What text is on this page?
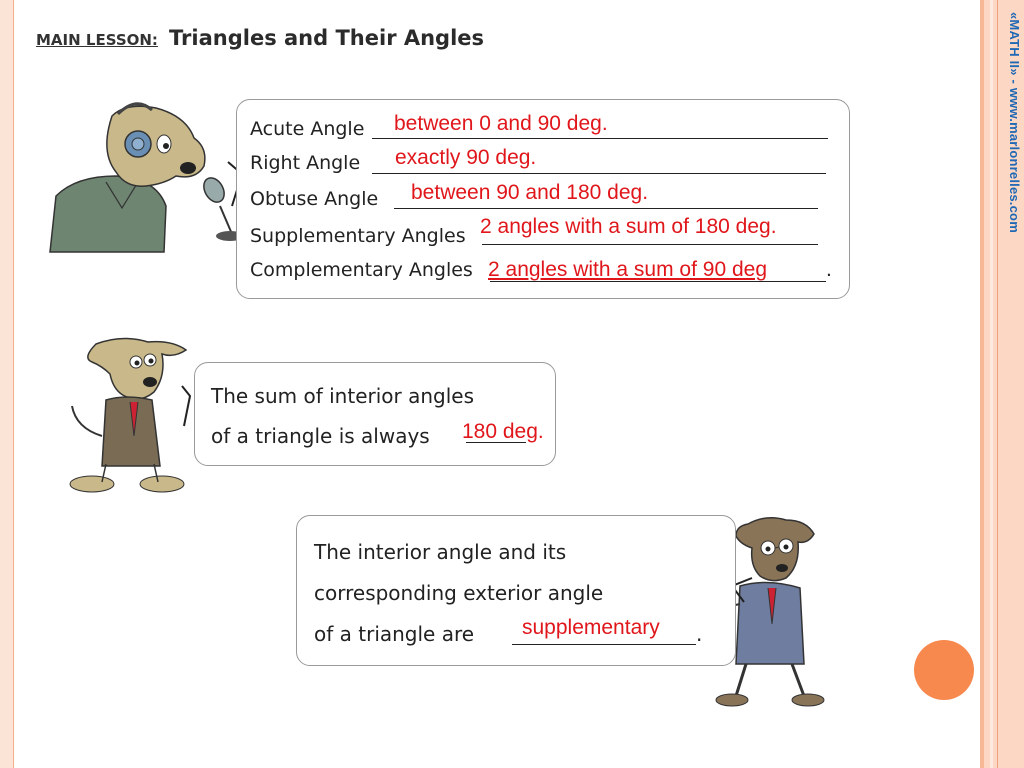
«MATH II» - www.marlonrelles.com
MAIN LESSON: Triangles and Their Angles
Acute Angle between 0 and 90 deg.
Right Angle exactly 90 deg.
Obtuse Angle between 90 and 180 deg.
Supplementary Angles 2 angles with a sum of 180 deg.
Complementary Angles 2 angles with a sum of 90 deg	.
The sum of interior angles
of a triangle is always 180 deg.
The interior angle and its
corresponding exterior angle
of a triangle are supplementary .
